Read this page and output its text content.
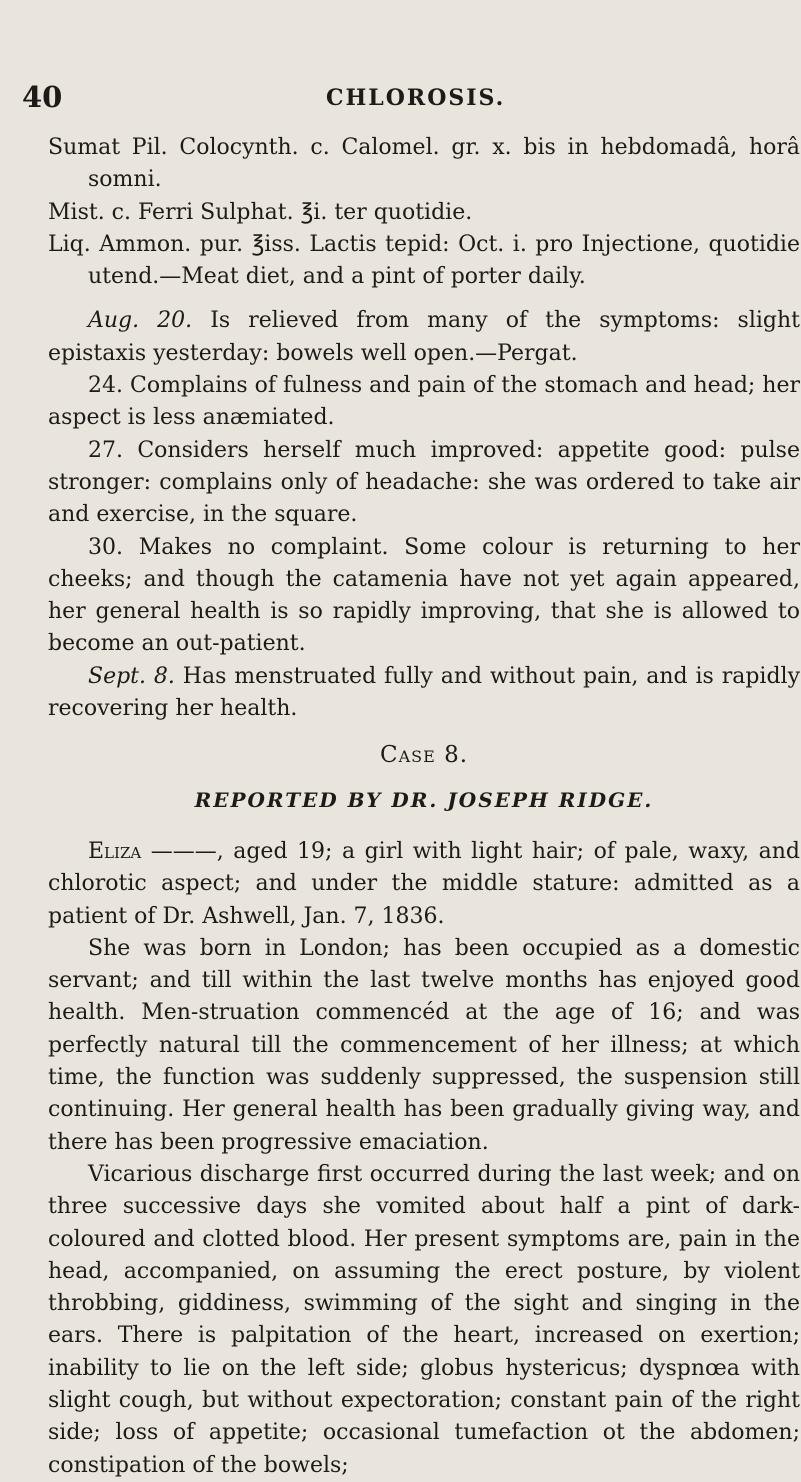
40	CHLOROSIS.

Sumat Pil. Colocynth. c. Calomel. gr. x. bis in hebdomadâ, horâ somni.

Mist. c. Ferri Sulphat. ℥i. ter quotidie.

Liq. Ammon. pur. ℥iss. Lactis tepid: Oct. i. pro Injectione, quotidie utend.—Meat diet, and a pint of porter daily.

Aug. 20. Is relieved from many of the symptoms: slight epistaxis yesterday: bowels well open.—Pergat.

24. Complains of fulness and pain of the stomach and head; her aspect is less anæmiated.

27. Considers herself much improved: appetite good: pulse stronger: complains only of headache: she was ordered to take air and exercise, in the square.

30. Makes no complaint. Some colour is returning to her cheeks; and though the catamenia have not yet again appeared, her general health is so rapidly improving, that she is allowed to become an out-patient.

Sept. 8. Has menstruated fully and without pain, and is rapidly recovering her health.

Case 8.
REPORTED BY DR. JOSEPH RIDGE.

Eliza ———, aged 19; a girl with light hair; of pale, waxy, and chlorotic aspect; and under the middle stature: admitted as a patient of Dr. Ashwell, Jan. 7, 1836.

She was born in London; has been occupied as a domestic servant; and till within the last twelve months has enjoyed good health. Men-struation commencéd at the age of 16; and was perfectly natural till the commencement of her illness; at which time, the function was suddenly suppressed, the suspension still continuing. Her general health has been gradually giving way, and there has been progressive emaciation.

Vicarious discharge first occurred during the last week; and on three successive days she vomited about half a pint of dark-coloured and clotted blood. Her present symptoms are, pain in the head, accompanied, on assuming the erect posture, by violent throbbing, giddiness, swimming of the sight and singing in the ears. There is palpitation of the heart, increased on exertion; inability to lie on the left side; globus hystericus; dyspnœa with slight cough, but without expectoration; constant pain of the right side; loss of appetite; occasional tumefaction ot the abdomen; constipation of the bowels;
